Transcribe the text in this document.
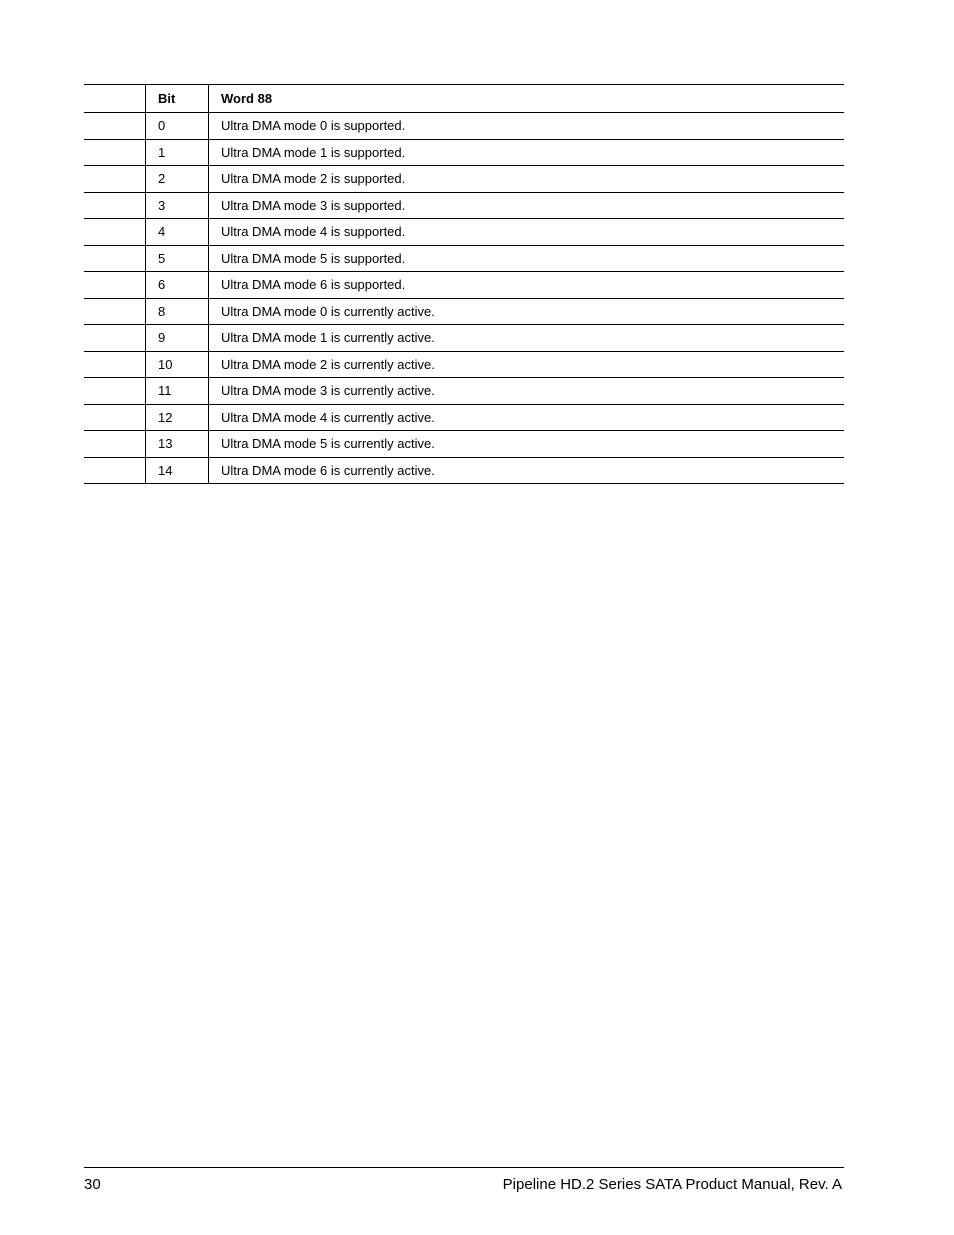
	Bit	Word 88
	0	Ultra DMA mode 0 is supported.
	1	Ultra DMA mode 1 is supported.
	2	Ultra DMA mode 2 is supported.
	3	Ultra DMA mode 3 is supported.
	4	Ultra DMA mode 4 is supported.
	5	Ultra DMA mode 5 is supported.
	6	Ultra DMA mode 6 is supported.
	8	Ultra DMA mode 0 is currently active.
	9	Ultra DMA mode 1 is currently active.
	10	Ultra DMA mode 2 is currently active.
	11	Ultra DMA mode 3 is currently active.
	12	Ultra DMA mode 4 is currently active.
	13	Ultra DMA mode 5 is currently active.
	14	Ultra DMA mode 6 is currently active.
30	Pipeline HD.2 Series SATA Product Manual, Rev. A
